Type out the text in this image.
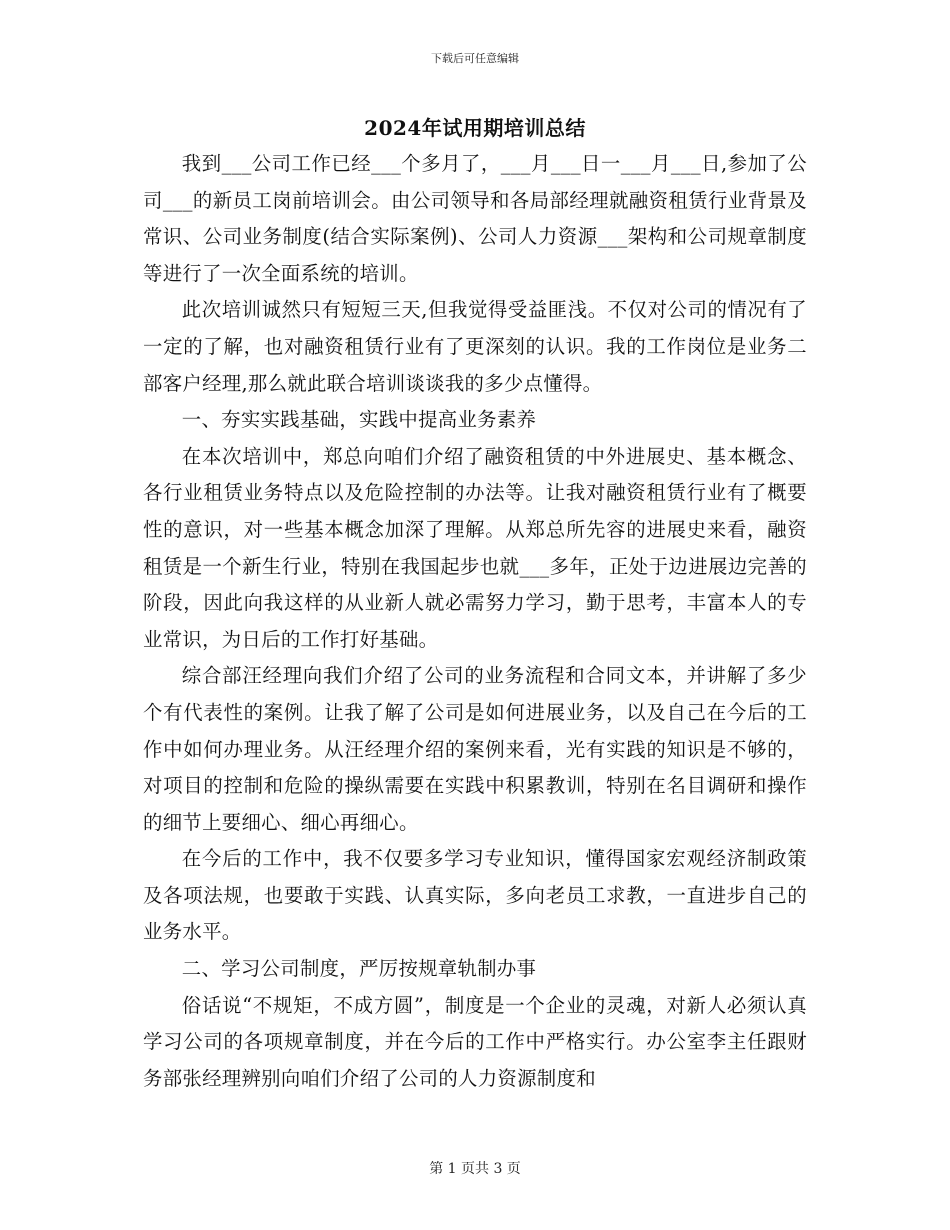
下载后可任意编辑
2024年试用期培训总结

我到___公司工作已经___个多月了，___月___日一___月___日,参加了公司___的新员工岗前培训会。由公司领导和各局部经理就融资租赁行业背景及常识、公司业务制度(结合实际案例)、公司人力资源___架构和公司规章制度等进行了一次全面系统的培训。

此次培训诚然只有短短三天,但我觉得受益匪浅。不仅对公司的情况有了一定的了解，也对融资租赁行业有了更深刻的认识。我的工作岗位是业务二部客户经理,那么就此联合培训谈谈我的多少点懂得。

一、夯实实践基础，实践中提高业务素养

在本次培训中，郑总向咱们介绍了融资租赁的中外进展史、基本概念、各行业租赁业务特点以及危险控制的办法等。让我对融资租赁行业有了概要性的意识，对一些基本概念加深了理解。从郑总所先容的进展史来看，融资租赁是一个新生行业，特别在我国起步也就___多年，正处于边进展边完善的阶段，因此向我这样的从业新人就必需努力学习，勤于思考，丰富本人的专业常识，为日后的工作打好基础。

综合部汪经理向我们介绍了公司的业务流程和合同文本，并讲解了多少个有代表性的案例。让我了解了公司是如何进展业务，以及自己在今后的工作中如何办理业务。从汪经理介绍的案例来看，光有实践的知识是不够的，对项目的控制和危险的操纵需要在实践中积累教训，特别在名目调研和操作的细节上要细心、细心再细心。

在今后的工作中，我不仅要多学习专业知识，懂得国家宏观经济制政策及各项法规，也要敢于实践、认真实际，多向老员工求教，一直进步自己的业务水平。

二、学习公司制度，严厉按规章轨制办事

俗话说“不规矩，不成方圆”，制度是一个企业的灵魂，对新人必须认真学习公司的各项规章制度，并在今后的工作中严格实行。办公室李主任跟财务部张经理辨别向咱们介绍了公司的人力资源制度和

第 1 页共 3 页
